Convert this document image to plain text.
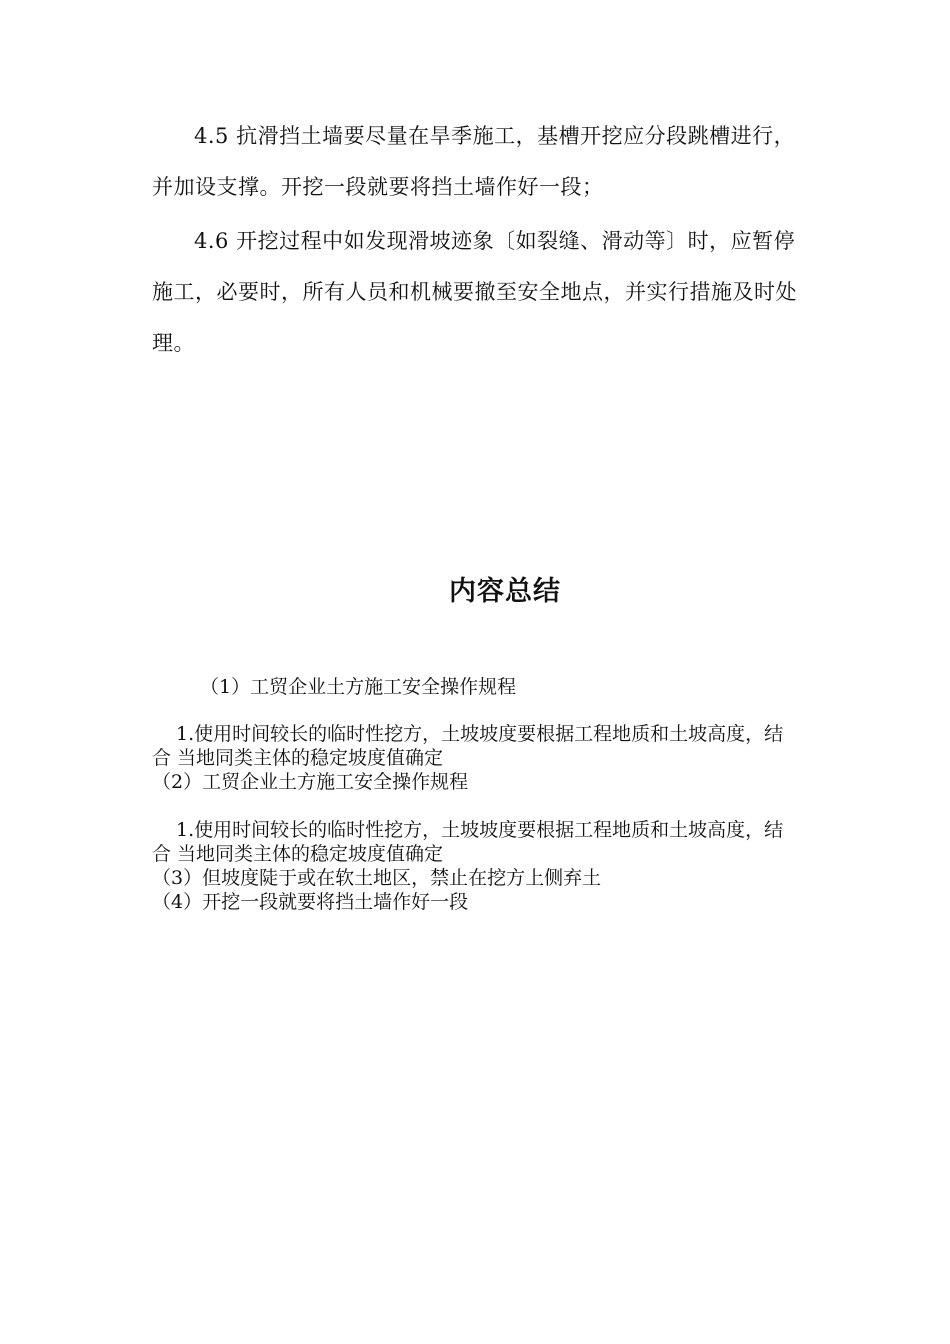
4.5 抗滑挡土墙要尽量在旱季施工，基槽开挖应分段跳槽进行，并加设支撑。开挖一段就要将挡土墙作好一段；

4.6 开挖过程中如发现滑坡迹象〔如裂缝、滑动等〕时，应暂停施工，必要时，所有人员和机械要撤至安全地点，并实行措施及时处理。

内容总结

（1）工贸企业土方施工安全操作规程

1.使用时间较长的临时性挖方，土坡坡度要根据工程地质和土坡高度，结合 当地同类主体的稳定坡度值确定

（2）工贸企业土方施工安全操作规程

1.使用时间较长的临时性挖方，土坡坡度要根据工程地质和土坡高度，结合 当地同类主体的稳定坡度值确定

（3）但坡度陡于或在软土地区，禁止在挖方上侧弃土

（4）开挖一段就要将挡土墙作好一段
